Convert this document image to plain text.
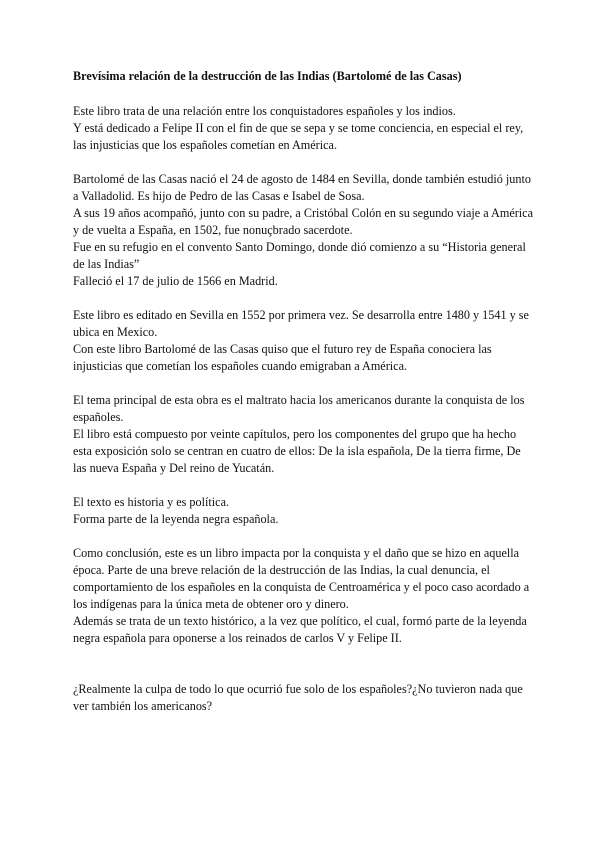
Brevísima relación de la destrucción de las Indias (Bartolomé de las Casas)

Este libro trata de una relación entre los conquistadores españoles y los indios.
Y está dedicado a Felipe II con el fin de que se sepa y se tome conciencia, en especial el rey, las injusticias que los españoles cometían en América.
Bartolomé de las Casas nació el 24 de agosto de 1484 en Sevilla, donde también estudió junto a Valladolid. Es hijo de Pedro de las Casas e Isabel de Sosa.
A sus 19 años acompañó, junto con su padre, a Cristóbal Colón en su segundo viaje a América y de vuelta a España, en 1502, fue nonuçbrado sacerdote.
Fue en su refugio en el convento Santo Domingo, donde dió comienzo a su “Historia general de las Indias”
Falleció el 17 de julio de 1566 en Madrid.
Este libro es editado en Sevilla en 1552 por primera vez. Se desarrolla entre 1480 y 1541 y se ubica en Mexico.
Con este libro Bartolomé de las Casas quiso que el futuro rey de España conociera las injusticias que cometían los españoles cuando emigraban a América.
El tema principal de esta obra es el maltrato hacia los americanos durante la conquista de los españoles.
El libro está compuesto por veinte capítulos, pero los componentes del grupo que ha hecho esta exposición solo se centran en cuatro de ellos: De la isla española, De la tierra firme, De las nueva España y Del reino de Yucatán.
El texto es historia y es política.
Forma parte de la leyenda negra española.
Como conclusión, este es un libro impacta por la conquista y el daño que se hizo en aquella época. Parte de una breve relación de la destrucción de las Indias, la cual denuncia, el comportamiento de los españoles en la conquista de Centroamérica y el poco caso acordado a los indígenas para la única meta de obtener oro y dinero.
Además se trata de un texto histórico, a la vez que político, el cual, formó parte de la leyenda negra española para oponerse a los reinados de carlos V y Felipe II.

¿Realmente la culpa de todo lo que ocurrió fue solo de los españoles?¿No tuvieron nada que ver también los americanos?
